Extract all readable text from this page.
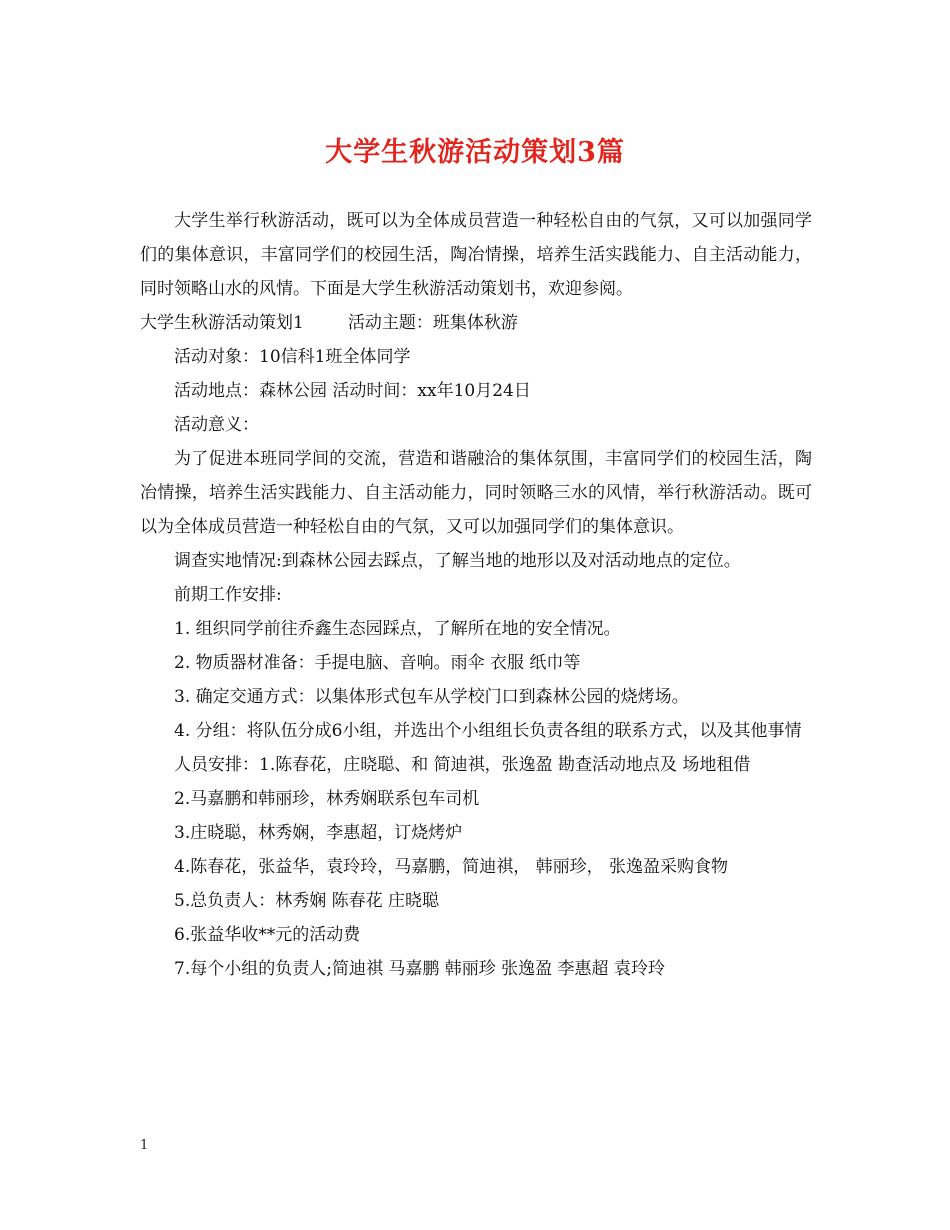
大学生秋游活动策划3篇

大学生举行秋游活动，既可以为全体成员营造一种轻松自由的气氛，又可以加强同学们的集体意识，丰富同学们的校园生活，陶冶情操，培养生活实践能力、自主活动能力，同时领略山水的风情。下面是大学生秋游活动策划书，欢迎参阅。

大学生秋游活动策划1	活动主题：班集体秋游

活动对象：10信科1班全体同学

活动地点：森林公园 活动时间：xx年10月24日

活动意义：

为了促进本班同学间的交流，营造和谐融洽的集体氛围，丰富同学们的校园生活，陶冶情操，培养生活实践能力、自主活动能力，同时领略三水的风情，举行秋游活动。既可以为全体成员营造一种轻松自由的气氛，又可以加强同学们的集体意识。

调查实地情况:到森林公园去踩点，了解当地的地形以及对活动地点的定位。

前期工作安排:

1. 组织同学前往乔鑫生态园踩点，了解所在地的安全情况。

2. 物质器材准备：手提电脑、音响。雨伞 衣服 纸巾等

3. 确定交通方式：以集体形式包车从学校门口到森林公园的烧烤场。

4. 分组：将队伍分成6小组，并选出个小组组长负责各组的联系方式，以及其他事情

人员安排：1.陈春花，庄晓聪、和 简迪祺，张逸盈 勘查活动地点及 场地租借

2.马嘉鹏和韩丽珍，林秀娴联系包车司机

3.庄晓聪，林秀娴，李惠超，订烧烤炉

4.陈春花，张益华，袁玲玲，马嘉鹏，简迪祺， 韩丽珍， 张逸盈采购食物

5.总负责人：林秀娴 陈春花 庄晓聪

6.张益华收**元的活动费

7.每个小组的负责人;简迪祺 马嘉鹏 韩丽珍 张逸盈 李惠超 袁玲玲

1
